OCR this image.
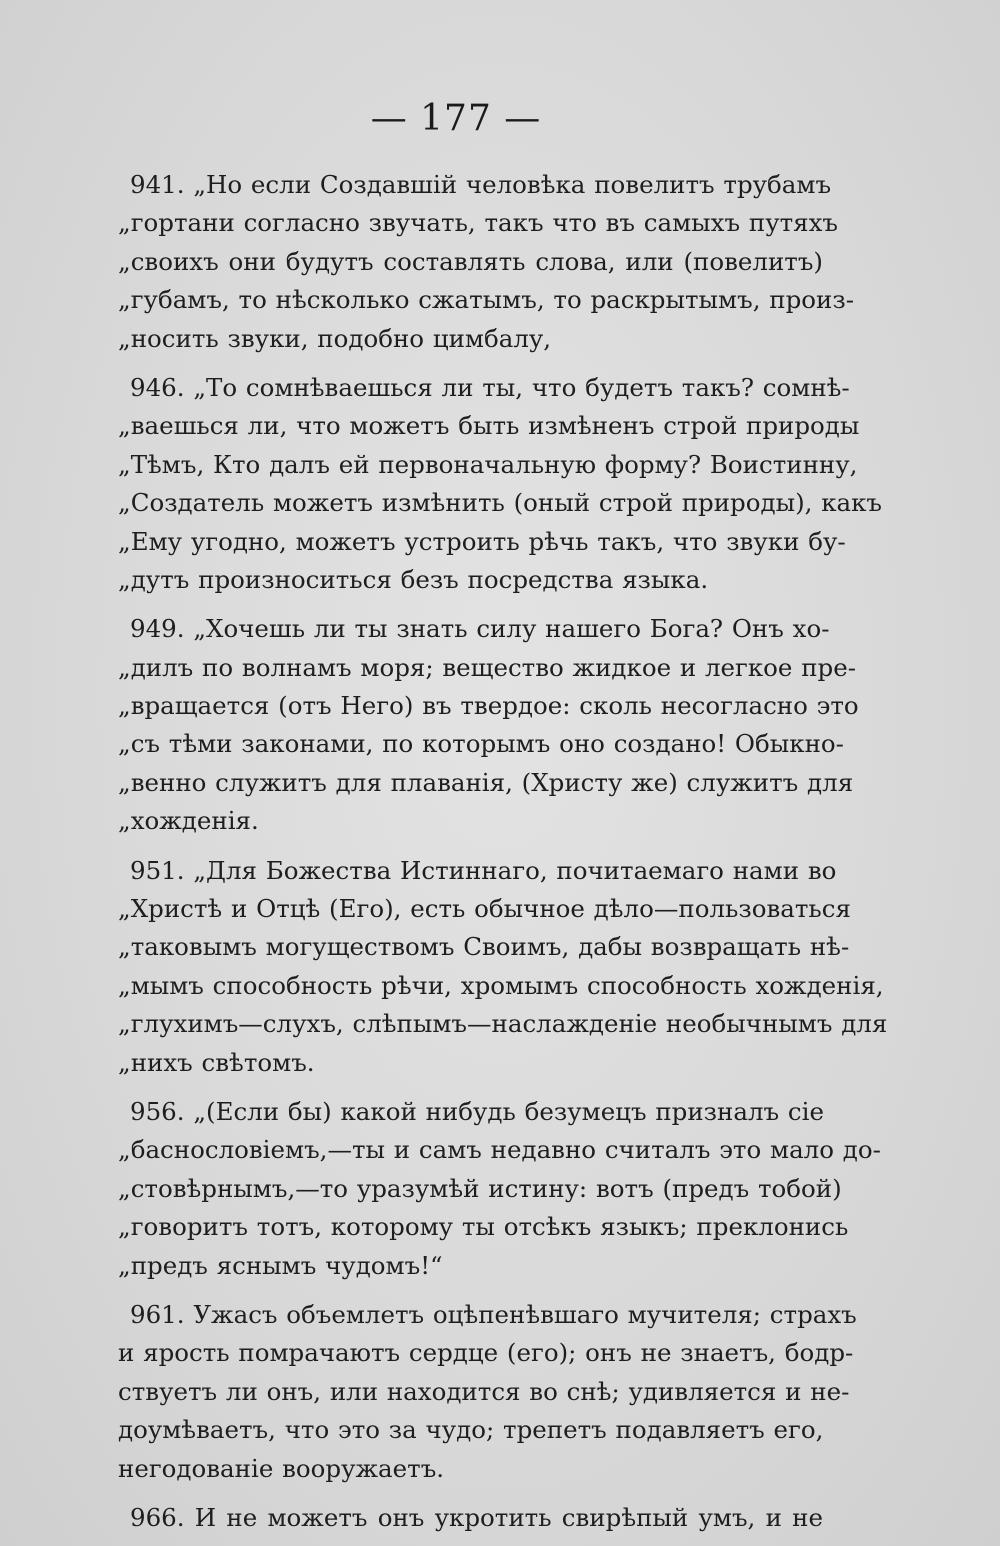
— 177 —
941. „Но если Создавшій человѣка повелитъ трубамъ
„гортани согласно звучать, такъ что въ самыхъ путяхъ
„своихъ они будутъ составлять слова, или (повелитъ)
„губамъ, то нѣсколько сжатымъ, то раскрытымъ, произ-
„носить звуки, подобно цимбалу,
946. „То сомнѣваешься ли ты, что будетъ такъ? сомнѣ-
„ваешься ли, что можетъ быть измѣненъ строй природы
„Тѣмъ, Кто далъ ей первоначальную форму? Воистинну,
„Создатель можетъ измѣнить (оный строй природы), какъ
„Ему угодно, можетъ устроить рѣчь такъ, что звуки бу-
„дутъ произноситься безъ посредства языка.
949. „Хочешь ли ты знать силу нашего Бога? Онъ хо-
„дилъ по волнамъ моря; вещество жидкое и легкое пре-
„вращается (отъ Него) въ твердое: сколь несогласно это
„съ тѣми законами, по которымъ оно создано! Обыкно-
„венно служитъ для плаванія, (Христу же) служитъ для
„хожденія.
951. „Для Божества Истиннаго, почитаемаго нами во
„Христѣ и Отцѣ (Его), есть обычное дѣло—пользоваться
„таковымъ могуществомъ Своимъ, дабы возвращать нѣ-
„мымъ способность рѣчи, хромымъ способность хожденія,
„глухимъ—слухъ, слѣпымъ—наслажденіе необычнымъ для
„нихъ свѣтомъ.
956. „(Если бы) какой нибудь безумецъ призналъ сіе
„баснословіемъ,—ты и самъ недавно считалъ это мало до-
„стовѣрнымъ,—то уразумѣй истину: вотъ (предъ тобой)
„говоритъ тотъ, которому ты отсѣкъ языкъ; преклонись
„предъ яснымъ чудомъ!“
961. Ужасъ объемлетъ оцѣпенѣвшаго мучителя; страхъ
и ярость помрачаютъ сердце (его); онъ не знаетъ, бодр-
ствуетъ ли онъ, или находится во снѣ; удивляется и не-
доумѣваетъ, что это за чудо; трепетъ подавляетъ его,
негодованіе вооружаетъ.
966. И не можетъ онъ укротить свирѣпый умъ, и не
